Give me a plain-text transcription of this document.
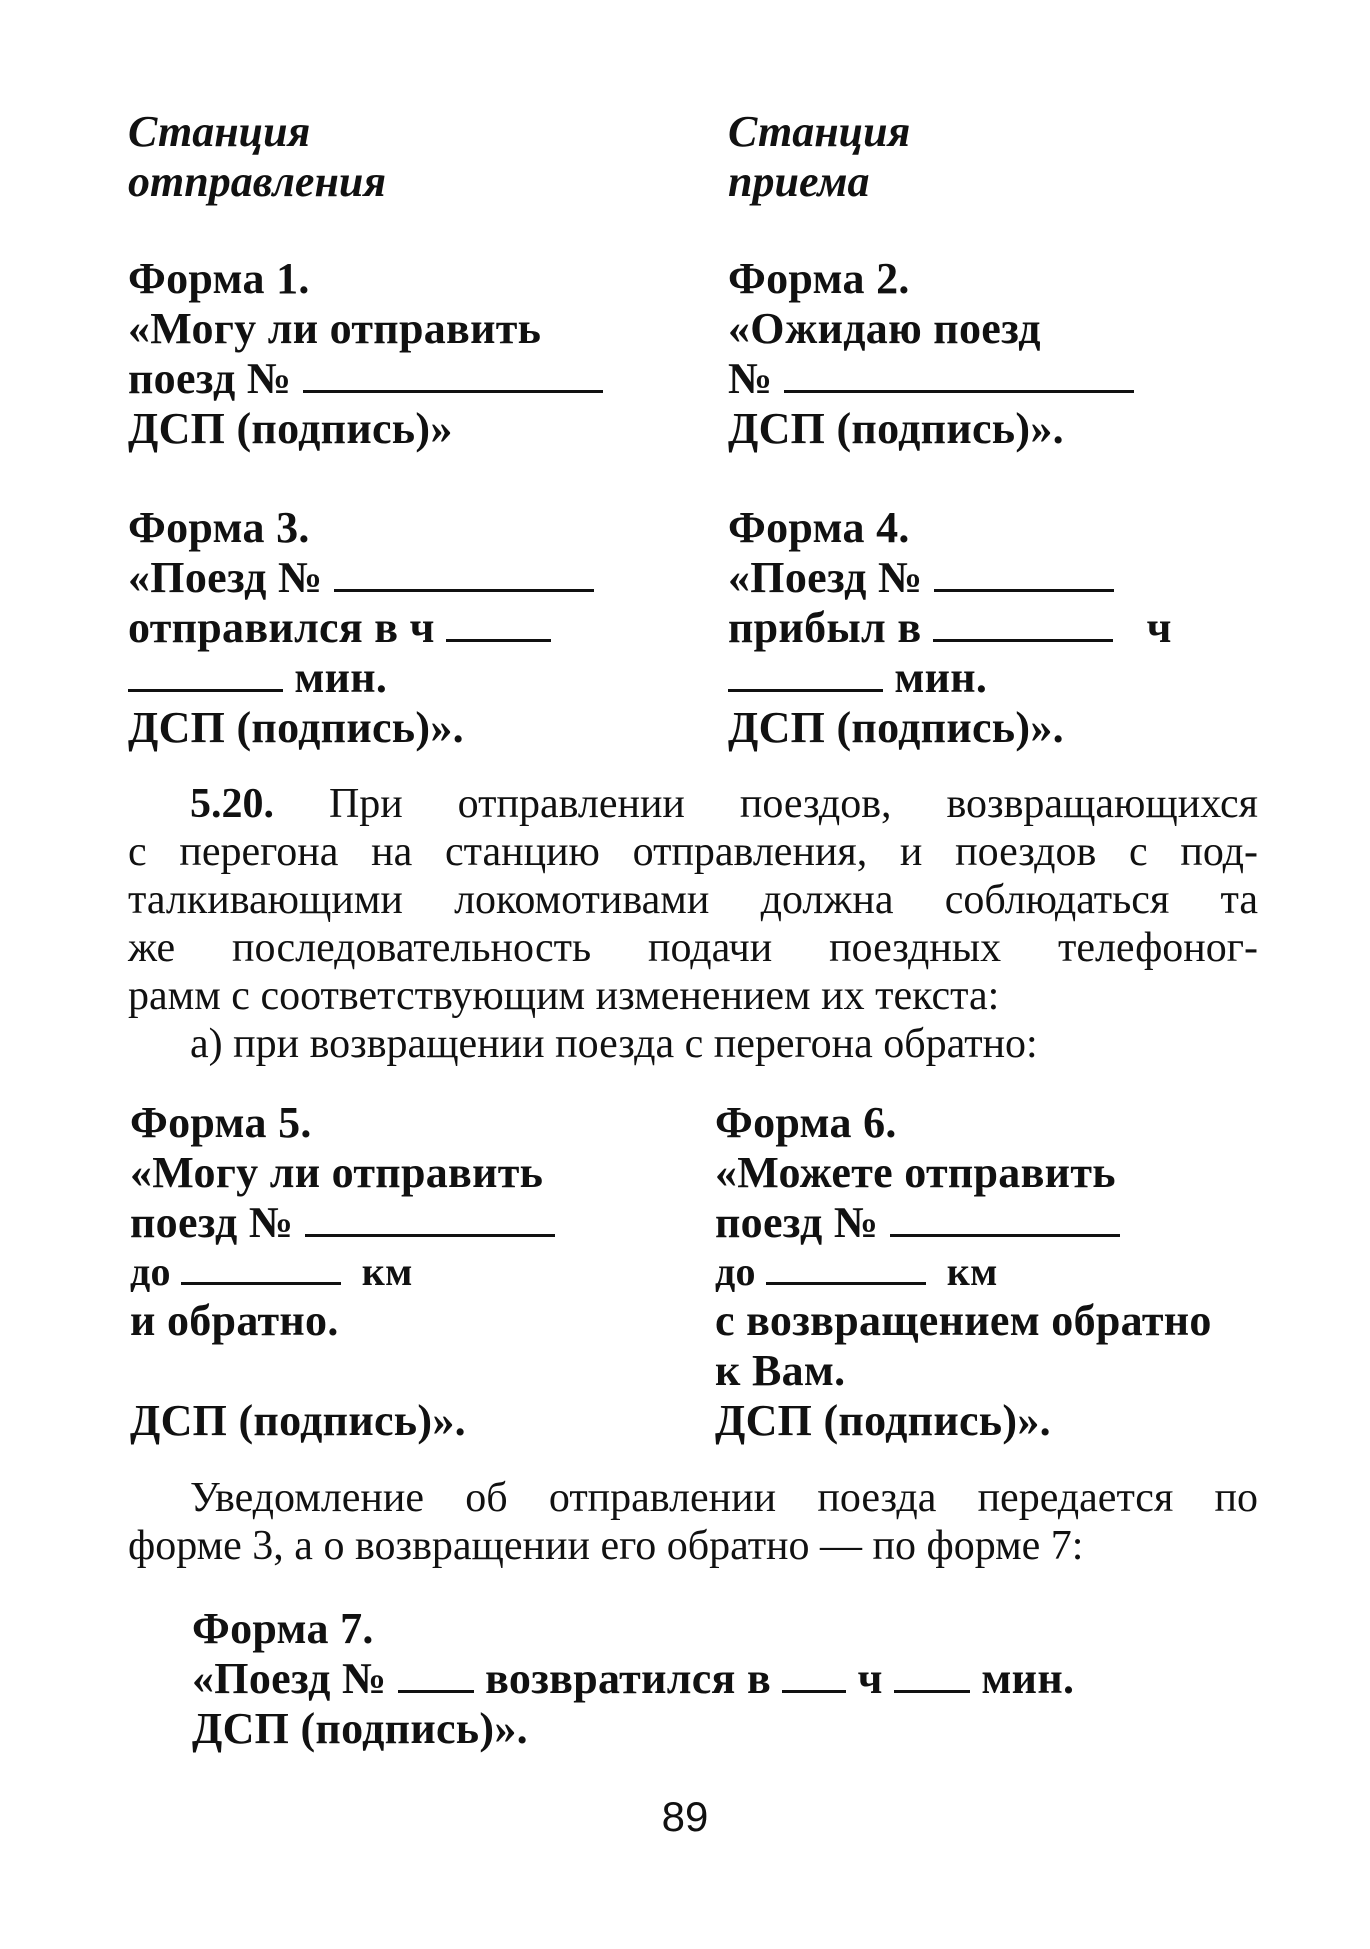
Станция
отправления
Станция
приема
Форма 1.
«Могу ли отправить
поезд №
ДСП (подпись)»
Форма 2.
«Ожидаю поезд
№
ДСП (подпись)».
Форма 3.
«Поезд №
отправился в ч
мин.
ДСП (подпись)».
Форма 4.
«Поезд №
прибыл в	ч
мин.
ДСП (подпись)».
5.20. При отправлении поездов, возвращающихся
с перегона на станцию отправления, и поездов с под-
талкивающими локомотивами должна соблюдаться та
же последовательность подачи поездных телефоног-
рамм с соответствующим изменением их текста:
а) при возвращении поезда с перегона обратно:
Форма 5.
«Могу ли отправить
поезд №
до	км
и обратно.
ДСП (подпись)».
Форма 6.
«Можете отправить
поезд №
до	км
с возвращением обратно
к Вам.
ДСП (подпись)».
Уведомление об отправлении поезда передается по
форме 3, а о возвращении его обратно — по форме 7:
Форма 7.
«Поезд № возвратился в ч мин.
ДСП (подпись)».
89
